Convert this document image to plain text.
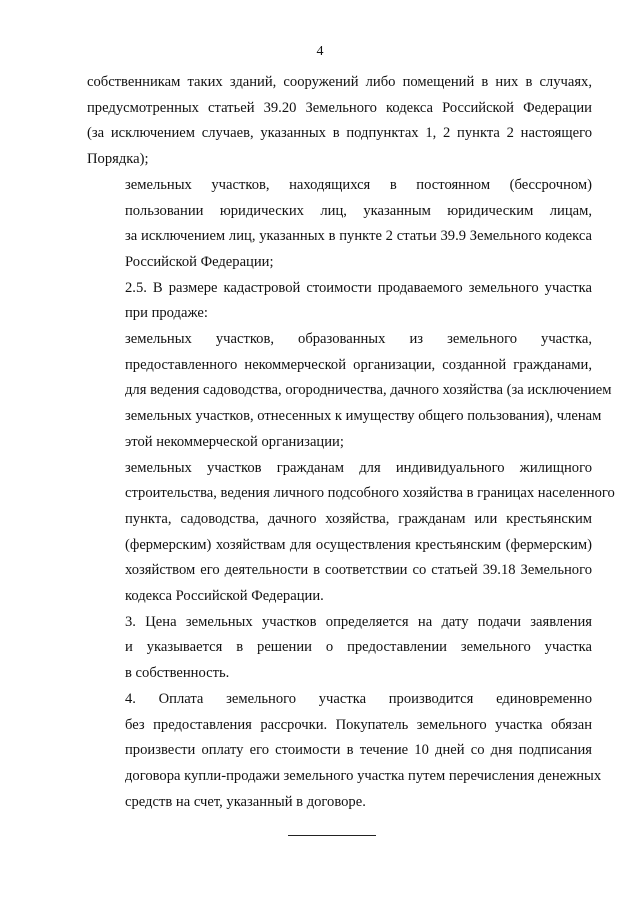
4

собственникам таких зданий, сооружений либо помещений в них в случаях,
предусмотренных статьей 39.20 Земельного кодекса Российской Федерации
(за исключением случаев, указанных в подпунктах 1, 2 пункта 2 настоящего
Порядка);

земельных участков, находящихся в постоянном (бессрочном)
пользовании юридических лиц, указанным юридическим лицам,
за исключением лиц, указанных в пункте 2 статьи 39.9 Земельного кодекса
Российской Федерации;

2.5. В размере кадастровой стоимости продаваемого земельного участка
при продаже:

земельных участков, образованных из земельного участка,
предоставленного некоммерческой организации, созданной гражданами,
для ведения садоводства, огородничества, дачного хозяйства (за исключением
земельных участков, отнесенных к имуществу общего пользования), членам
этой некоммерческой организации;

земельных участков гражданам для индивидуального жилищного
строительства, ведения личного подсобного хозяйства в границах населенного
пункта, садоводства, дачного хозяйства, гражданам или крестьянским
(фермерским) хозяйствам для осуществления крестьянским (фермерским)
хозяйством его деятельности в соответствии со статьей 39.18 Земельного
кодекса Российской Федерации.

3. Цена земельных участков определяется на дату подачи заявления
и указывается в решении о предоставлении земельного участка
в собственность.

4. Оплата земельного участка производится единовременно
без предоставления рассрочки. Покупатель земельного участка обязан
произвести оплату его стоимости в течение 10 дней со дня подписания
договора купли-продажи земельного участка путем перечисления денежных
средств на счет, указанный в договоре.
